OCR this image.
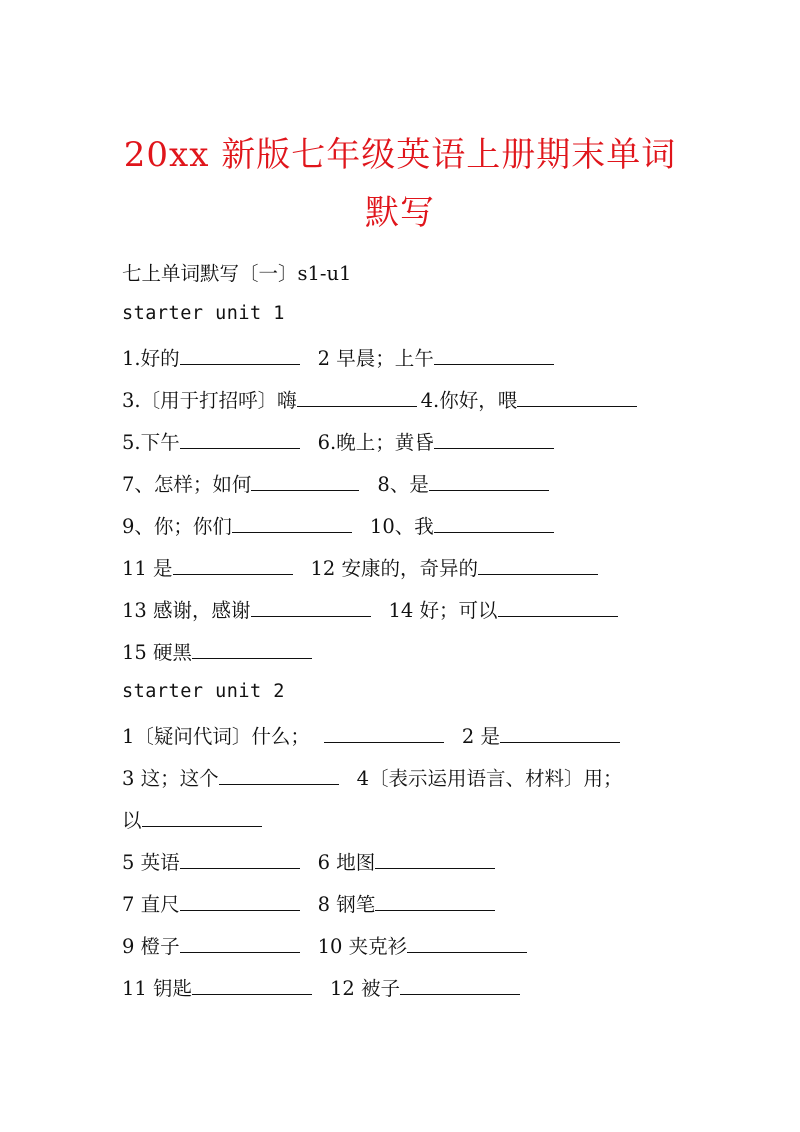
20xx 新版七年级英语上册期末单词
默写
七上单词默写〔一〕s1-u1
starter unit 1
1.好的	2 早晨；上午
3.〔用于打招呼〕嗨	4.你好，喂
5.下午	6.晚上；黄昏
7、怎样；如何	8、是
9、你；你们	10、我
11 是	12 安康的，奇异的
13 感谢，感谢	14 好；可以
15 硬黑
starter unit 2
1〔疑问代词〕什么；	2 是
3 这；这个	4〔表示运用语言、材料〕用；
以
5 英语	6 地图
7 直尺	8 钢笔
9 橙子	10 夹克衫
11 钥匙	12 被子
